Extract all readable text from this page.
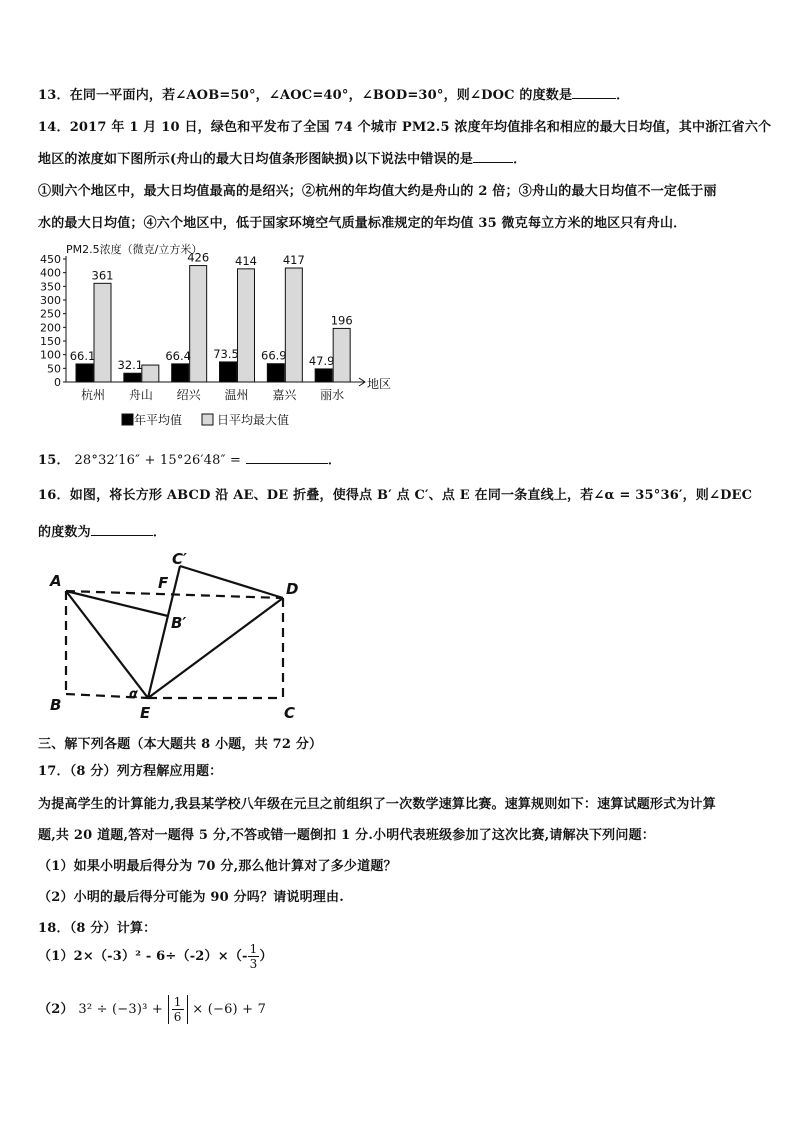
13．在同一平面内，若∠AOB=50°，∠AOC=40°，∠BOD=30°，则∠DOC 的度数是	．
14．2017 年 1 月 10 日，绿色和平发布了全国 74 个城市 PM2.5 浓度年均值排名和相应的最大日均值，其中浙江省六个
地区的浓度如下图所示(舟山的最大日均值条形图缺损)以下说法中错误的是	．
①则六个地区中，最大日均值最高的是绍兴；②杭州的年均值大约是舟山的 2 倍；③舟山的最大日均值不一定低于丽
水的最大日均值；④六个地区中，低于国家环境空气质量标准规定的年均值 35 微克每立方米的地区只有舟山．
PM2.5浓度（微克/立方米）
0
50
100
150
200
250
300
350
400
450
地区
66.1
361
杭州
32.1
舟山
66.4
426
绍兴
73.5
414
温州
66.9
417
嘉兴
47.9
196
丽水
年平均值	日平均最大值
15． 28°32′16″ + 15°26′48″ =	．
16．如图，将长方形 ABCD 沿 AE、DE 折叠，使得点 B′ 点 C′、点 E 在同一条直线上，若∠α = 35°36′，则∠DEC
的度数为	．
A
B	C
D
E
F
B′
C′
α
三、解下列各题（本大题共 8 小题，共 72 分）
17．（8 分）列方程解应用题：
为提高学生的计算能力,我县某学校八年级在元旦之前组织了一次数学速算比赛。速算规则如下：速算试题形式为计算
题,共 20 道题,答对一题得 5 分,不答或错一题倒扣 1 分.小明代表班级参加了这次比赛,请解决下列问题：
（1）如果小明最后得分为 70 分,那么他计算对了多少道题？
（2）小明的最后得分可能为 90 分吗？请说明理由.
18．（8 分）计算：
$(1)2\times(-3)^2 - 6\div(-2)\times(- \frac{1}{3}$ ）
（2） $3^2 \div (-3)^3 + \frac{1}{6} \times (-6) + 7$
